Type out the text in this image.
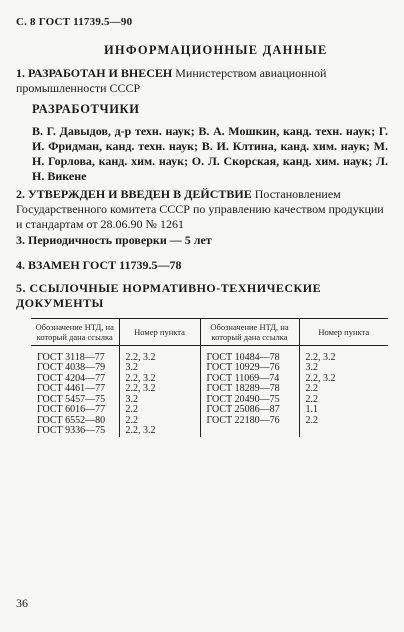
С. 8 ГОСТ 11739.5—90
ИНФОРМАЦИОННЫЕ ДАННЫЕ
1. РАЗРАБОТАН И ВНЕСЕН Министерством авиационной промышленности СССР
РАЗРАБОТЧИКИ
В. Г. Давыдов, д-р техн. наук; В. А. Мошкин, канд. техн. наук; Г. И. Фридман, канд. техн. наук; В. И. Клтина, канд. хим. наук; М. Н. Горлова, канд. хим. наук; О. Л. Скорская, канд. хим. наук; Л. Н. Викене
2. УТВЕРЖДЕН И ВВЕДЕН В ДЕЙСТВИЕ Постановлением Государственного комитета СССР по управлению качеством продукции и стандартам от 28.06.90 № 1261
3. Периодичность проверки — 5 лет
4. ВЗАМЕН ГОСТ 11739.5—78
5. ССЫЛОЧНЫЕ НОРМАТИВНО-ТЕХНИЧЕСКИЕ ДОКУМЕНТЫ
Обозначение НТД, на который дана ссылка	Номер пункта	Обозначение НТД, на который дана ссылка	Номер пункта

ГОСТ 3118—77	2.2, 3.2	ГОСТ 10484—78	2.2, 3.2
ГОСТ 4038—79	3.2	ГОСТ 10929—76	3.2
ГОСТ 4204—77	2.2, 3.2	ГОСТ 11069—74	2.2, 3.2
ГОСТ 4461—77	2.2, 3.2	ГОСТ 18289—78	2.2
ГОСТ 5457—75	3.2	ГОСТ 20490—75	2.2
ГОСТ 6016—77	2.2	ГОСТ 25086—87	1.1
ГОСТ 6552—80	2.2	ГОСТ 22180—76	2.2
ГОСТ 9336—75	2.2, 3.2		
36
